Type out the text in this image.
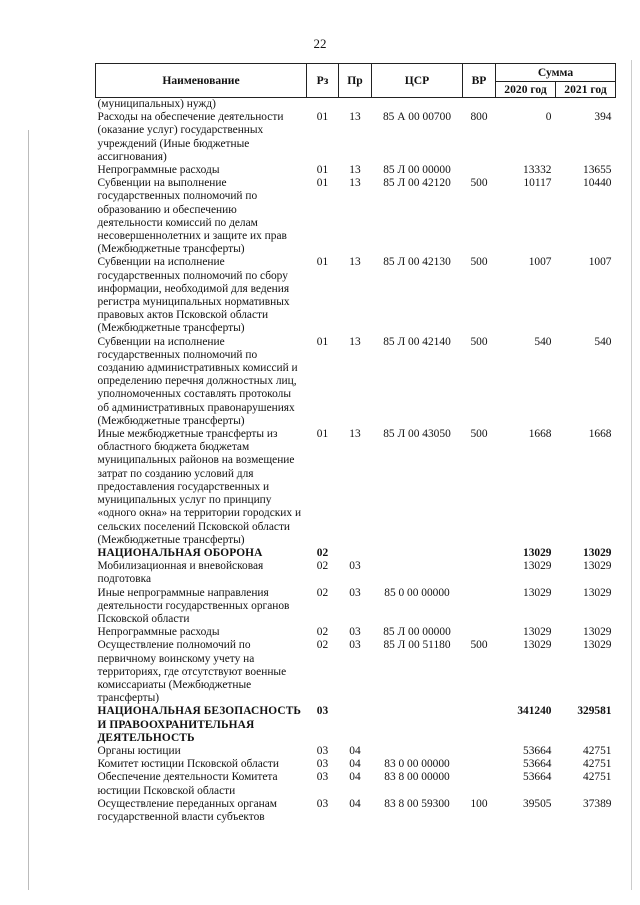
22
Наименование	Рз	Пр	ЦСР	ВР	Сумма	
					2020 год	2021 год
(муниципальных) нужд)						
Расходы на обеспечение деятельности (оказание услуг) государственных учреждений (Иные бюджетные ассигнования)	01	13	85 А 00 00700	800	0	394
Непрограммные расходы	01	13	85 Л 00 00000		13332	13655
Субвенции на выполнение государственных полномочий по образованию и обеспечению деятельности комиссий по делам несовершеннолетних и защите их прав (Межбюджетные трансферты)	01	13	85 Л 00 42120	500	10117	10440
Субвенции на исполнение государственных полномочий по сбору информации, необходимой для ведения регистра муниципальных нормативных правовых актов Псковской области (Межбюджетные трансферты)	01	13	85 Л 00 42130	500	1007	1007
Субвенции на исполнение государственных полномочий по созданию административных комиссий и определению перечня должностных лиц, уполномоченных составлять протоколы об административных правонарушениях (Межбюджетные трансферты)	01	13	85 Л 00 42140	500	540	540
Иные межбюджетные трансферты из областного бюджета бюджетам муниципальных районов на возмещение затрат по созданию условий для предоставления государственных и муниципальных услуг по принципу «одного окна» на территории городских и сельских поселений Псковской области (Межбюджетные трансферты)	01	13	85 Л 00 43050	500	1668	1668
НАЦИОНАЛЬНАЯ ОБОРОНА	02				13029	13029
Мобилизационная и вневойсковая подготовка	02	03			13029	13029
Иные непрограммные направления деятельности государственных органов Псковской области	02	03	85 0 00 00000		13029	13029
Непрограммные расходы	02	03	85 Л 00 00000		13029	13029
Осуществление полномочий по первичному воинскому учету на территориях, где отсутствуют военные комиссариаты (Межбюджетные трансферты)	02	03	85 Л 00 51180	500	13029	13029
НАЦИОНАЛЬНАЯ БЕЗОПАСНОСТЬ И ПРАВООХРАНИТЕЛЬНАЯ ДЕЯТЕЛЬНОСТЬ	03				341240	329581
Органы юстиции	03	04			53664	42751
Комитет юстиции Псковской области	03	04	83 0 00 00000		53664	42751
Обеспечение деятельности Комитета юстиции Псковской области	03	04	83 8 00 00000		53664	42751
Осуществление переданных органам государственной власти субъектов	03	04	83 8 00 59300	100	39505	37389
